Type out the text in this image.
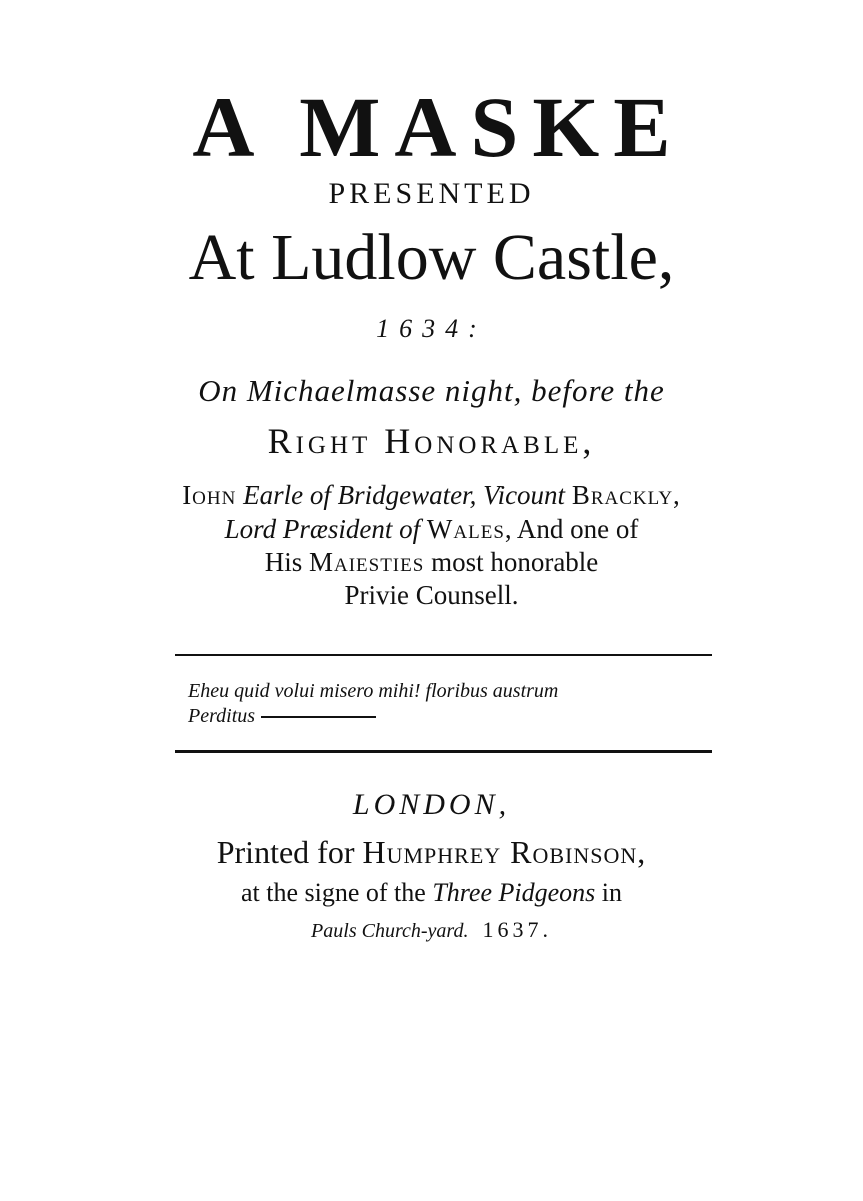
A MASKE
PRESENTED
At Ludlow Castle,
1634:
On Michaelmasse night, before the
Right Honorable,
Iohn Earle of Bridgewater, Vicount Brackly,
Lord Præsident of Wales, And one of
His Maiesties most honorable
Privie Counsell.
Eheu quid volui misero mihi! floribus austrum
Perditus
LONDON,
Printed for Humphrey Robinson,
at the signe of the Three Pidgeons in
Pauls Church-yard. 1637.
